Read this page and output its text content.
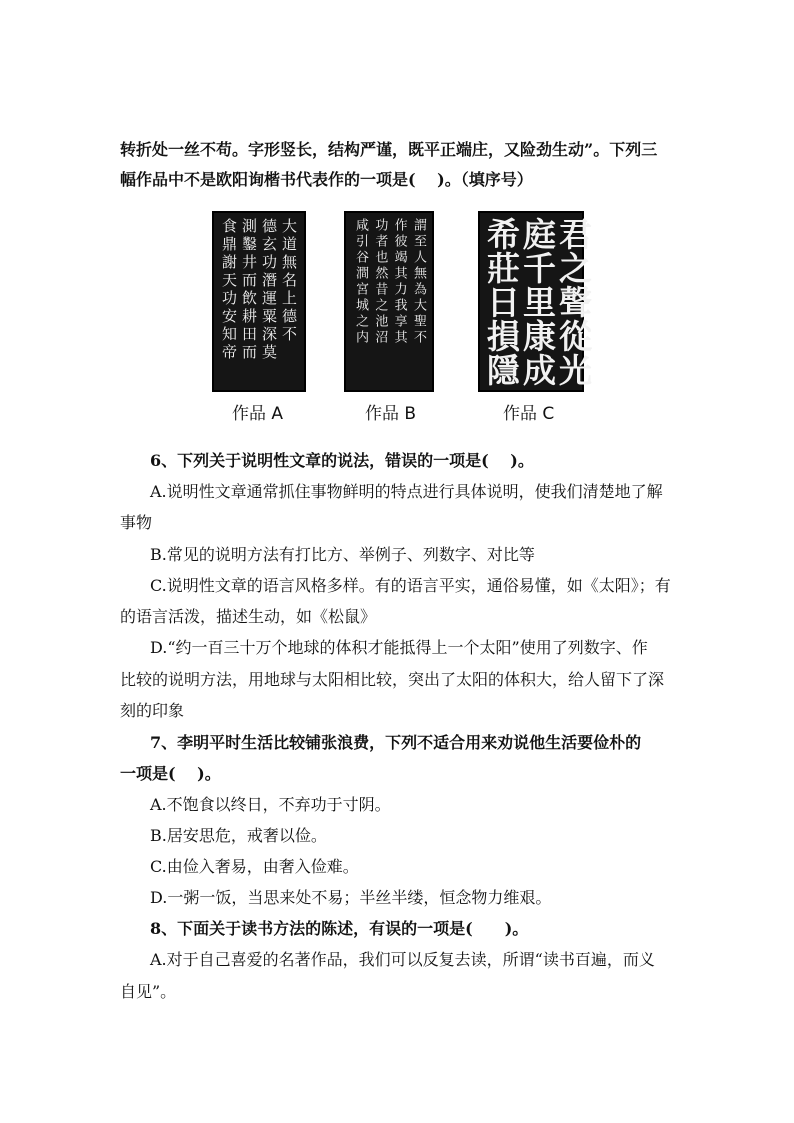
转折处一丝不苟。字形竖长，结构严谨，既平正端庄，又险劲生动”。下列三
幅作品中不是欧阳询楷书代表作的一项是(　 )。（填序号）
食鼎謝天功安知帝 測鑿井而飲耕田而 德玄功潛運粟深莫 大道無名上德不
作品 A
咸引谷澗宮城之内 功者也然昔之池沼 作彼竭其力我享其 謂至人無為大聖不
作品 B
希莊日損隱
庭千里康成
君之聲從光
作品 C
6、下列关于说明性文章的说法，错误的一项是(　 )。
A.说明性文章通常抓住事物鲜明的特点进行具体说明，使我们清楚地了解
事物
B.常见的说明方法有打比方、举例子、列数字、对比等
C.说明性文章的语言风格多样。有的语言平实，通俗易懂，如《太阳》；有
的语言活泼，描述生动，如《松鼠》
D.“约一百三十万个地球的体积才能抵得上一个太阳”使用了列数字、作
比较的说明方法，用地球与太阳相比较，突出了太阳的体积大，给人留下了深
刻的印象
7、李明平时生活比较铺张浪费，下列不适合用来劝说他生活要俭朴的
一项是(　 )。
A.不饱食以终日，不弃功于寸阴。
B.居安思危，戒奢以俭。
C.由俭入奢易，由奢入俭难。
D.一粥一饭，当思来处不易；半丝半缕，恒念物力维艰。
8、下面关于读书方法的陈述，有误的一项是(　　)。
A.对于自己喜爱的名著作品，我们可以反复去读，所谓“读书百遍，而义
自见”。
